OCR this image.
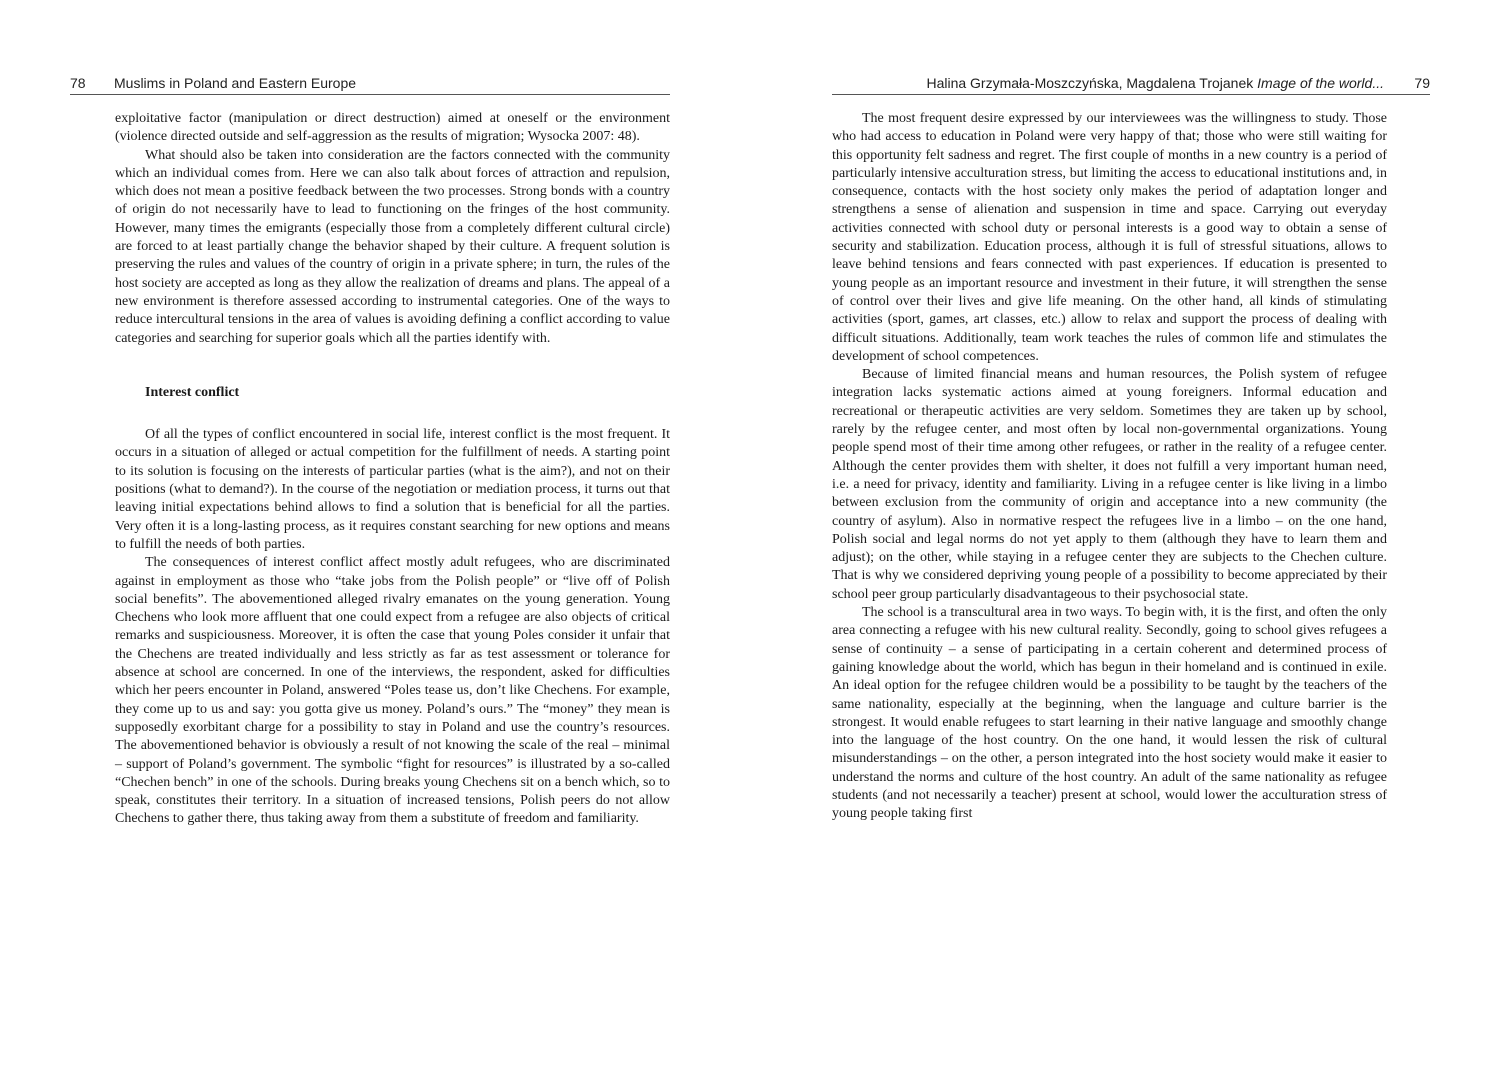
78 Muslims in Poland and Eastern Europe

exploitative factor (manipulation or direct destruction) aimed at oneself or the environment (violence directed outside and self-aggression as the results of migration; Wysocka 2007: 48).

What should also be taken into consideration are the factors connected with the community which an individual comes from. Here we can also talk about forces of attraction and repulsion, which does not mean a positive feedback between the two processes. Strong bonds with a country of origin do not necessarily have to lead to functioning on the fringes of the host community. However, many times the emigrants (especially those from a completely different cultural circle) are forced to at least partially change the behavior shaped by their culture. A frequent solution is preserving the rules and values of the country of origin in a private sphere; in turn, the rules of the host society are accepted as long as they allow the realization of dreams and plans. The appeal of a new environment is therefore assessed according to instrumental categories. One of the ways to reduce intercultural tensions in the area of values is avoiding defining a conflict according to value categories and searching for superior goals which all the parties identify with.

Interest conflict

Of all the types of conflict encountered in social life, interest conflict is the most frequent. It occurs in a situation of alleged or actual competition for the fulfillment of needs. A starting point to its solution is focusing on the interests of particular parties (what is the aim?), and not on their positions (what to demand?). In the course of the negotiation or mediation process, it turns out that leaving initial expectations behind allows to find a solution that is beneficial for all the parties. Very often it is a long-lasting process, as it requires constant searching for new options and means to fulfill the needs of both parties.

The consequences of interest conflict affect mostly adult refugees, who are discriminated against in employment as those who “take jobs from the Polish people” or “live off of Polish social benefits”. The abovementioned alleged rivalry emanates on the young generation. Young Chechens who look more affluent that one could expect from a refugee are also objects of critical remarks and suspiciousness. Moreover, it is often the case that young Poles consider it unfair that the Chechens are treated individually and less strictly as far as test assessment or tolerance for absence at school are concerned. In one of the interviews, the respondent, asked for difficulties which her peers encounter in Poland, answered “Poles tease us, don’t like Chechens. For example, they come up to us and say: you gotta give us money. Poland’s ours.” The “money” they mean is supposedly exorbitant charge for a possibility to stay in Poland and use the country’s resources. The abovementioned behavior is obviously a result of not knowing the scale of the real – minimal – support of Poland’s government. The symbolic “fight for resources” is illustrated by a so-called “Chechen bench” in one of the schools. During breaks young Chechens sit on a bench which, so to speak, constitutes their territory. In a situation of increased tensions, Polish peers do not allow Chechens to gather there, thus taking away from them a substitute of freedom and familiarity.

Halina Grzymała-Moszczyńska, Magdalena Trojanek Image of the world... 79

The most frequent desire expressed by our interviewees was the willingness to study. Those who had access to education in Poland were very happy of that; those who were still waiting for this opportunity felt sadness and regret. The first couple of months in a new country is a period of particularly intensive acculturation stress, but limiting the access to educational institutions and, in consequence, contacts with the host society only makes the period of adaptation longer and strengthens a sense of alienation and suspension in time and space. Carrying out everyday activities connected with school duty or personal interests is a good way to obtain a sense of security and stabilization. Education process, although it is full of stressful situations, allows to leave behind tensions and fears connected with past experiences. If education is presented to young people as an important resource and investment in their future, it will strengthen the sense of control over their lives and give life meaning. On the other hand, all kinds of stimulating activities (sport, games, art classes, etc.) allow to relax and support the process of dealing with difficult situations. Additionally, team work teaches the rules of common life and stimulates the development of school competences.

Because of limited financial means and human resources, the Polish system of refugee integration lacks systematic actions aimed at young foreigners. Informal education and recreational or therapeutic activities are very seldom. Sometimes they are taken up by school, rarely by the refugee center, and most often by local non-governmental organizations. Young people spend most of their time among other refugees, or rather in the reality of a refugee center. Although the center provides them with shelter, it does not fulfill a very important human need, i.e. a need for privacy, identity and familiarity. Living in a refugee center is like living in a limbo between exclusion from the community of origin and acceptance into a new community (the country of asylum). Also in normative respect the refugees live in a limbo – on the one hand, Polish social and legal norms do not yet apply to them (although they have to learn them and adjust); on the other, while staying in a refugee center they are subjects to the Chechen culture. That is why we considered depriving young people of a possibility to become appreciated by their school peer group particularly disadvantageous to their psychosocial state.

The school is a transcultural area in two ways. To begin with, it is the first, and often the only area connecting a refugee with his new cultural reality. Secondly, going to school gives refugees a sense of continuity – a sense of participating in a certain coherent and determined process of gaining knowledge about the world, which has begun in their homeland and is continued in exile. An ideal option for the refugee children would be a possibility to be taught by the teachers of the same nationality, especially at the beginning, when the language and culture barrier is the strongest. It would enable refugees to start learning in their native language and smoothly change into the language of the host country. On the one hand, it would lessen the risk of cultural misunderstandings – on the other, a person integrated into the host society would make it easier to understand the norms and culture of the host country. An adult of the same nationality as refugee students (and not necessarily a teacher) present at school, would lower the acculturation stress of young people taking first
